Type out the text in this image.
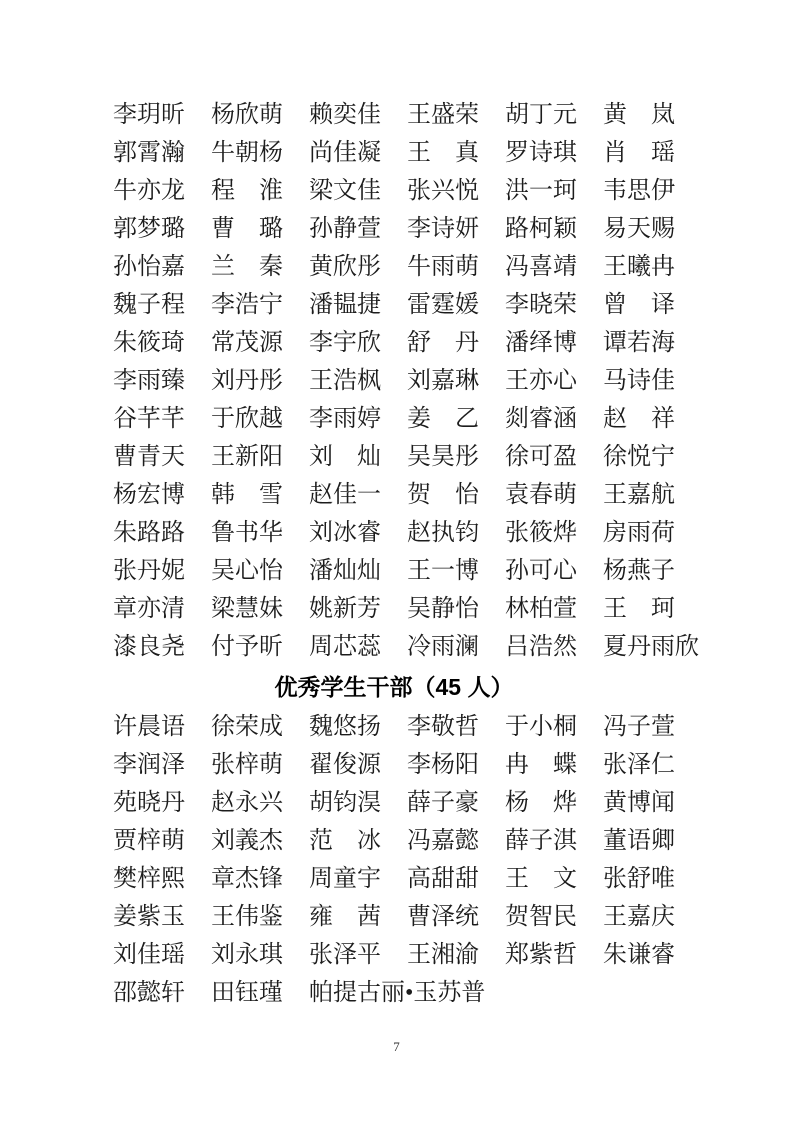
李玥昕 杨欣萌 赖奕佳 王盛荣 胡丁元 黄　岚
郭霄瀚 牛朝杨 尚佳凝 王　真 罗诗琪 肖　瑶
牛亦龙 程　淮 梁文佳 张兴悦 洪一珂 韦思伊
郭梦璐 曹　璐 孙静萱 李诗妍 路柯颖 易天赐
孙怡嘉 兰　秦 黄欣彤 牛雨萌 冯喜靖 王曦冉
魏子程 李浩宁 潘韫捷 雷霆媛 李晓荣 曾　译
朱筱琦 常茂源 李宇欣 舒　丹 潘绎博 谭若海
李雨臻 刘丹彤 王浩枫 刘嘉琳 王亦心 马诗佳
谷芊芊 于欣越 李雨婷 姜　乙 剡睿涵 赵　祥
曹青天 王新阳 刘　灿 吴昊彤 徐可盈 徐悦宁
杨宏博 韩　雪 赵佳一 贺　怡 袁春萌 王嘉航
朱路路 鲁书华 刘冰睿 赵执钧 张筱烨 房雨荷
张丹妮 吴心怡 潘灿灿 王一博 孙可心 杨燕子
章亦清 梁慧妹 姚新芳 吴静怡 林柏萱 王　珂
漆良尧 付予昕 周芯蕊 冷雨澜 吕浩然 夏丹雨欣
优秀学生干部（45 人）
许晨语 徐荣成 魏悠扬 李敬哲 于小桐 冯子萱
李润泽 张梓萌 翟俊源 李杨阳 冉　蝶 张泽仁
苑晓丹 赵永兴 胡钧淏 薛子豪 杨　烨 黄博闻
贾梓萌 刘義杰 范　冰 冯嘉懿 薛子淇 董语卿
樊梓熙 章杰锋 周童宇 高甜甜 王　文 张舒唯
姜紫玉 王伟鉴 雍　茜 曹泽统 贺智民 王嘉庆
刘佳瑶 刘永琪 张泽平 王湘渝 郑紫哲 朱谦睿
邵懿轩 田钰瑾 帕提古丽•玉苏普
7
